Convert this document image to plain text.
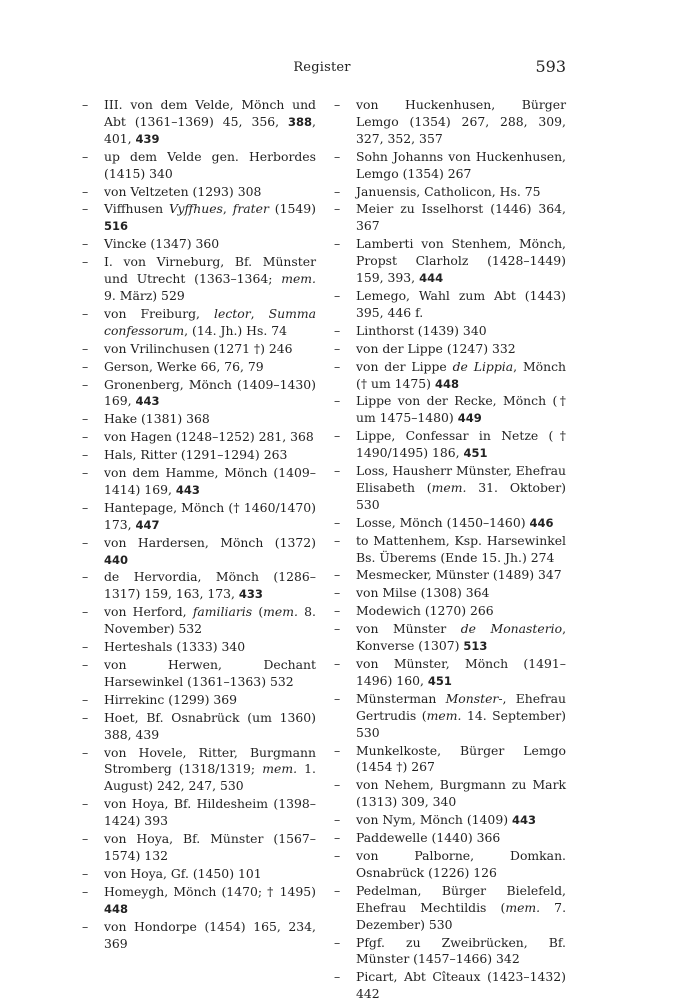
Register	593
– III. von dem Velde, Mönch und Abt (1361–1369) 45, 356, 388, 401, 439
– up dem Velde gen. Herbordes (1415) 340
– von Veltzeten (1293) 308
– Viffhusen Vyffhues, frater (1549) 516
– Vincke (1347) 360
– I. von Virneburg, Bf. Münster und Utrecht (1363–1364; mem. 9. März) 529
– von Freiburg, lector, Summa confessorum, (14. Jh.) Hs. 74
– von Vrilinchusen (1271 †) 246
– Gerson, Werke 66, 76, 79
– Gronenberg, Mönch (1409–1430) 169, 443
– Hake (1381) 368
– von Hagen (1248–1252) 281, 368
– Hals, Ritter (1291–1294) 263
– von dem Hamme, Mönch (1409–1414) 169, 443
– Hantepage, Mönch († 1460/1470) 173, 447
– von Hardersen, Mönch (1372) 440
– de Hervordia, Mönch (1286–1317) 159, 163, 173, 433
– von Herford, familiaris (mem. 8. November) 532
– Herteshals (1333) 340
– von Herwen, Dechant Harsewinkel (1361–1363) 532
– Hirrekinc (1299) 369
– Hoet, Bf. Osnabrück (um 1360) 388, 439
– von Hovele, Ritter, Burgmann Stromberg (1318/1319; mem. 1. August) 242, 247, 530
– von Hoya, Bf. Hildesheim (1398–1424) 393
– von Hoya, Bf. Münster (1567–1574) 132
– von Hoya, Gf. (1450) 101
– Homeygh, Mönch (1470; † 1495) 448
– von Hondorpe (1454) 165, 234, 369
– von Huckenhusen, Bürger Lemgo (1354) 267, 288, 309, 327, 352, 357
– Sohn Johanns von Huckenhusen, Lemgo (1354) 267
– Januensis, Catholicon, Hs. 75
– Meier zu Isselhorst (1446) 364, 367
– Lamberti von Stenhem, Mönch, Propst Clarholz (1428–1449) 159, 393, 444
– Lemego, Wahl zum Abt (1443) 395, 446 f.
– Linthorst (1439) 340
– von der Lippe (1247) 332
– von der Lippe de Lippia, Mönch († um 1475) 448
– Lippe von der Recke, Mönch († um 1475–1480) 449
– Lippe, Confessar in Netze († 1490/1495) 186, 451
– Loss, Hausherr Münster, Ehefrau Elisabeth (mem. 31. Oktober) 530
– Losse, Mönch (1450–1460) 446
– to Mattenhem, Ksp. Harsewinkel Bs. Überems (Ende 15. Jh.) 274
– Mesmecker, Münster (1489) 347
– von Milse (1308) 364
– Modewich (1270) 266
– von Münster de Monasterio, Konverse (1307) 513
– von Münster, Mönch (1491–1496) 160, 451
– Münsterman Monster-, Ehefrau Gertrudis (mem. 14. September) 530
– Munkelkoste, Bürger Lemgo (1454 †) 267
– von Nehem, Burgmann zu Mark (1313) 309, 340
– von Nym, Mönch (1409) 443
– Paddewelle (1440) 366
– von Palborne, Domkan. Osnabrück (1226) 126
– Pedelman, Bürger Bielefeld, Ehefrau Mechtildis (mem. 7. Dezember) 530
– Pfgf. zu Zweibrücken, Bf. Münster (1457–1466) 342
– Picart, Abt Cîteaux (1423–1432) 442
